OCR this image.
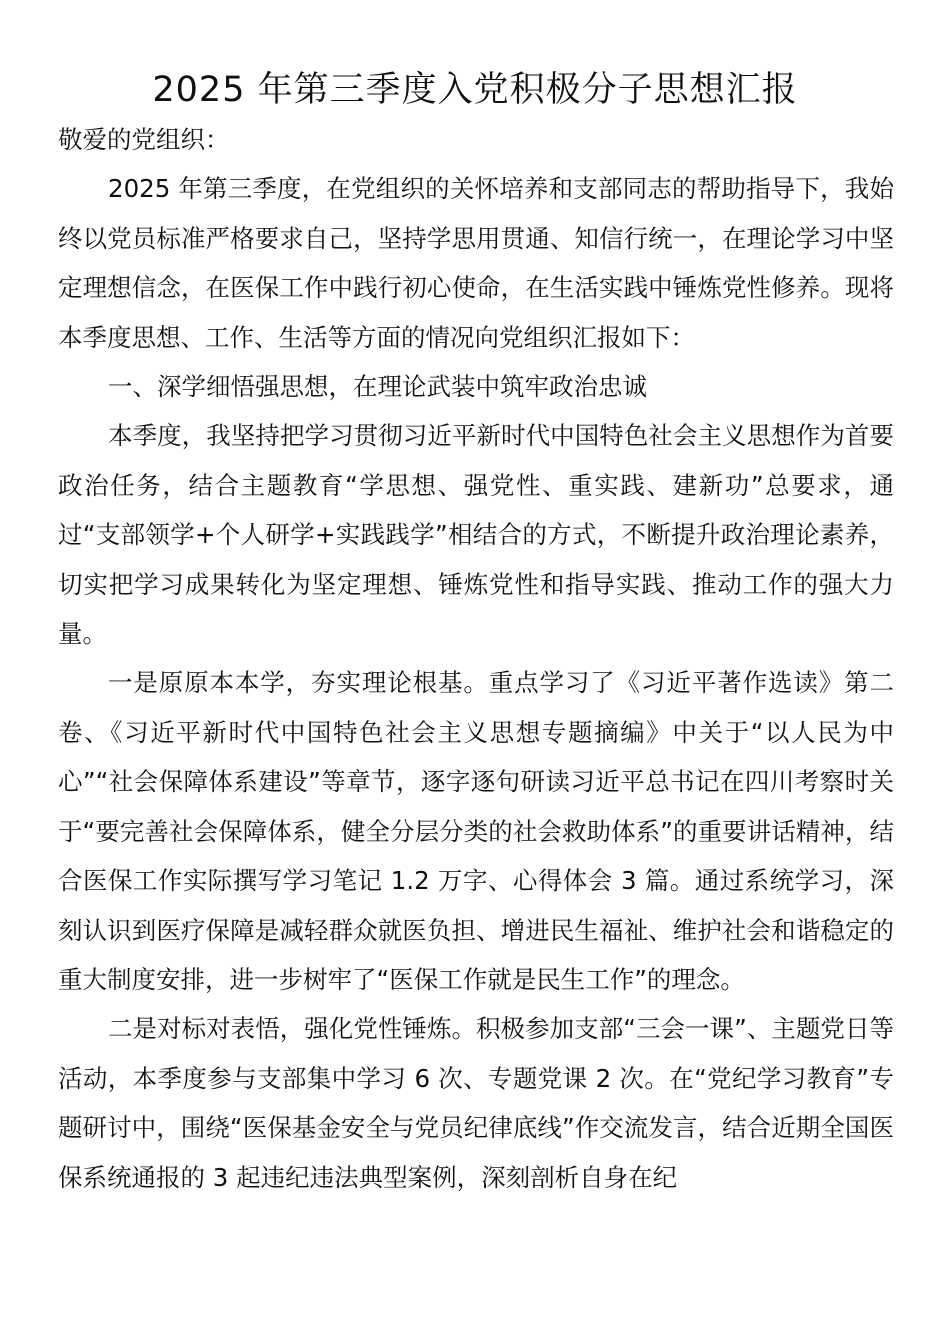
2025 年第三季度入党积极分子思想汇报

敬爱的党组织：

2025 年第三季度，在党组织的关怀培养和支部同志的帮助指导下，我始终以党员标准严格要求自己，坚持学思用贯通、知信行统一，在理论学习中坚定理想信念，在医保工作中践行初心使命，在生活实践中锤炼党性修养。现将本季度思想、工作、生活等方面的情况向党组织汇报如下：

一、深学细悟强思想，在理论武装中筑牢政治忠诚

本季度，我坚持把学习贯彻习近平新时代中国特色社会主义思想作为首要政治任务，结合主题教育“学思想、强党性、重实践、建新功”总要求，通过“支部领学+个人研学+实践践学”相结合的方式，不断提升政治理论素养，切实把学习成果转化为坚定理想、锤炼党性和指导实践、推动工作的强大力量。

一是原原本本学，夯实理论根基。重点学习了《习近平著作选读》第二卷、《习近平新时代中国特色社会主义思想专题摘编》中关于“以人民为中心”“社会保障体系建设”等章节，逐字逐句研读习近平总书记在四川考察时关于“要完善社会保障体系，健全分层分类的社会救助体系”的重要讲话精神，结合医保工作实际撰写学习笔记 1.2 万字、心得体会 3 篇。通过系统学习，深刻认识到医疗保障是减轻群众就医负担、增进民生福祉、维护社会和谐稳定的重大制度安排，进一步树牢了“医保工作就是民生工作”的理念。

二是对标对表悟，强化党性锤炼。积极参加支部“三会一课”、主题党日等活动，本季度参与支部集中学习 6 次、专题党课 2 次。在“党纪学习教育”专题研讨中，围绕“医保基金安全与党员纪律底线”作交流发言，结合近期全国医保系统通报的 3 起违纪违法典型案例，深刻剖析自身在纪
